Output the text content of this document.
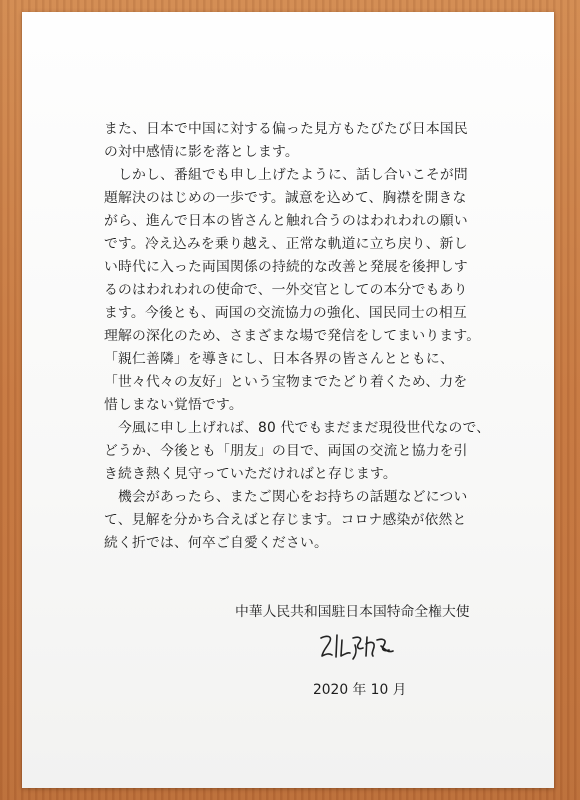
また、日本で中国に対する偏った見方もたびたび日本国民
の対中感情に影を落とします。
　しかし、番組でも申し上げたように、話し合いこそが問
題解決のはじめの一歩です。誠意を込めて、胸襟を開きな
がら、進んで日本の皆さんと触れ合うのはわれわれの願い
です。冷え込みを乗り越え、正常な軌道に立ち戻り、新し
い時代に入った両国関係の持続的な改善と発展を後押しす
るのはわれわれの使命で、一外交官としての本分でもあり
ます。今後とも、両国の交流協力の強化、国民同士の相互
理解の深化のため、さまざまな場で発信をしてまいります。
「親仁善隣」を導きにし、日本各界の皆さんとともに、
「世々代々の友好」という宝物までたどり着くため、力を
惜しまない覚悟です。
　今風に申し上げれば、80 代でもまだまだ現役世代なので、
どうか、今後とも「朋友」の目で、両国の交流と協力を引
き続き熱く見守っていただければと存じます。
　機会があったら、またご関心をお持ちの話題などについ
て、見解を分かち合えばと存じます。コロナ感染が依然と
続く折では、何卒ご自愛ください。
中華人民共和国駐日本国特命全権大使
2020 年 10 月
